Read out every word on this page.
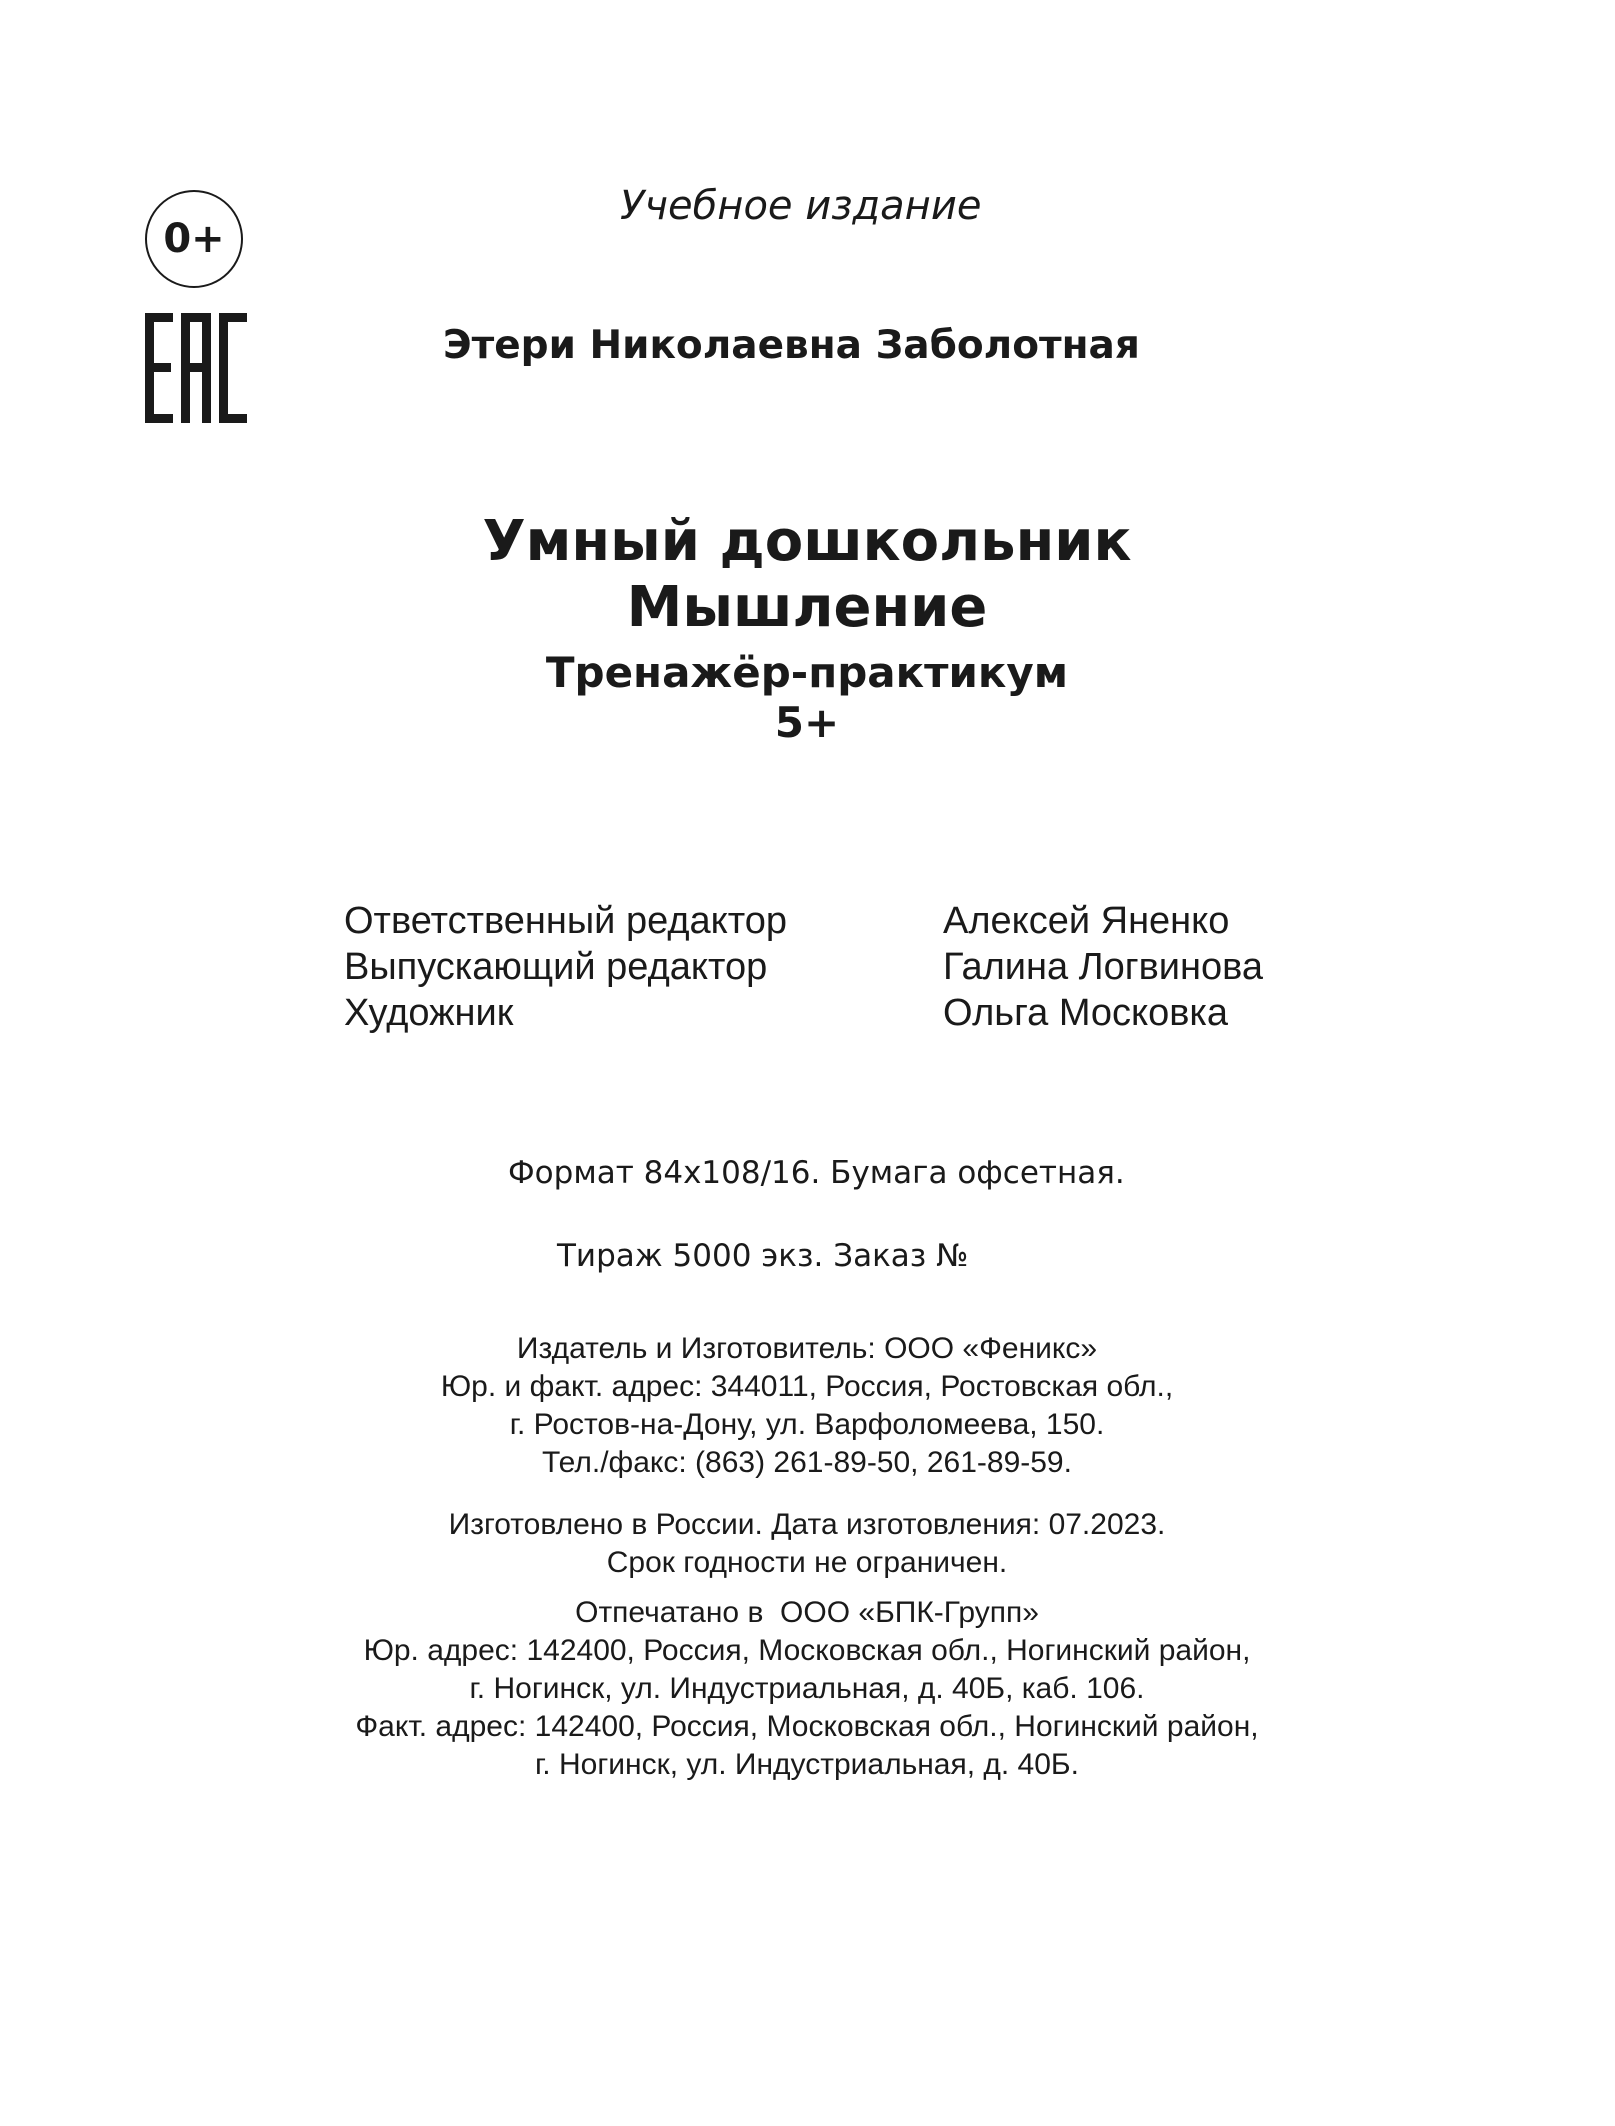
0+
Учебное издание
Этери Николаевна Заболотная
Умный дошкольник
Мышление
Тренажёр-практикум
5+
Ответственный редактор	Алексей Яненко
Выпускающий редактор	Галина Логвинова
Художник	Ольга Московка
Формат 84х108/16. Бумага офсетная.
Тираж 5000 экз. Заказ №
Издатель и Изготовитель: ООО «Феникс»
Юр. и факт. адрес: 344011, Россия, Ростовская обл.,
г. Ростов-на-Дону, ул. Варфоломеева, 150.
Тел./факс: (863) 261-89-50, 261-89-59.
Изготовлено в России. Дата изготовления: 07.2023.
Срок годности не ограничен.
Отпечатано в  ООО «БПК-Групп»
Юр. адрес: 142400, Россия, Московская обл., Ногинский район,
г. Ногинск, ул. Индустриальная, д. 40Б, каб. 106.
Факт. адрес: 142400, Россия, Московская обл., Ногинский район,
г. Ногинск, ул. Индустриальная, д. 40Б.
